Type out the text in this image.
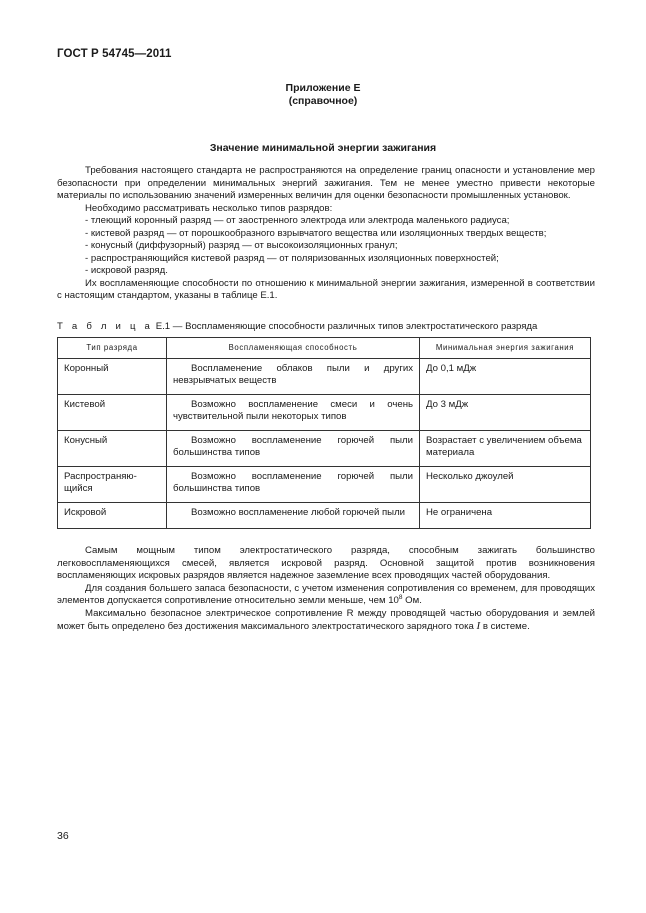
ГОСТ Р 54745—2011
Приложение Е
(справочное)
Значение минимальной энергии зажигания

Требования настоящего стандарта не распространяются на определение границ опасности и установление мер безопасности при определении минимальных энергий зажигания. Тем не менее уместно привести некоторые материалы по использованию значений измеренных величин для оценки безопасности промышленных установок.

Необходимо рассматривать несколько типов разрядов:

- тлеющий коронный разряд — от заостренного электрода или электрода маленького радиуса;

- кистевой разряд — от порошкообразного взрывчатого вещества или изоляционных твердых веществ;

- конусный (диффузорный) разряд — от высокоизоляционных гранул;

- распространяющийся кистевой разряд — от поляризованных изоляционных поверхностей;

- искровой разряд.

Их воспламеняющие способности по отношению к минимальной энергии зажигания, измеренной в соответствии с настоящим стандартом, указаны в таблице Е.1.

Т а б л и ц а Е.1 — Воспламеняющие способности различных типов электростатического разряда
Тип разряда	Воспламеняющая способность	Минимальная энергия зажигания
Коронный	Воспламенение облаков пыли и других невзрывчатых веществ	До 0,1 мДж
Кистевой	Возможно воспламенение смеси и очень чувствительной пыли некоторых типов	До 3 мДж
Конусный	Возможно воспламенение горючей пыли большинства типов	Возрастает с увеличением объема материала
Распространяю-
щийся	Возможно воспламенение горючей пыли большинства типов	Несколько джоулей
Искровой	Возможно воспламенение любой горючей пыли	Не ограничена

Самым мощным типом электростатического разряда, способным зажигать большинство легковоспламеняющихся смесей, является искровой разряд. Основной защитой против возникновения воспламеняющих искровых разрядов является надежное заземление всех проводящих частей оборудования.

Для создания большего запаса безопасности, с учетом изменения сопротивления со временем, для проводящих элементов допускается сопротивление относительно земли меньше, чем $10^8$ Ом.

Максимально безопасное электрическое сопротивление R между проводящей частью оборудования и землей может быть определено без достижения максимального электростатического зарядного тока I в системе.

36
